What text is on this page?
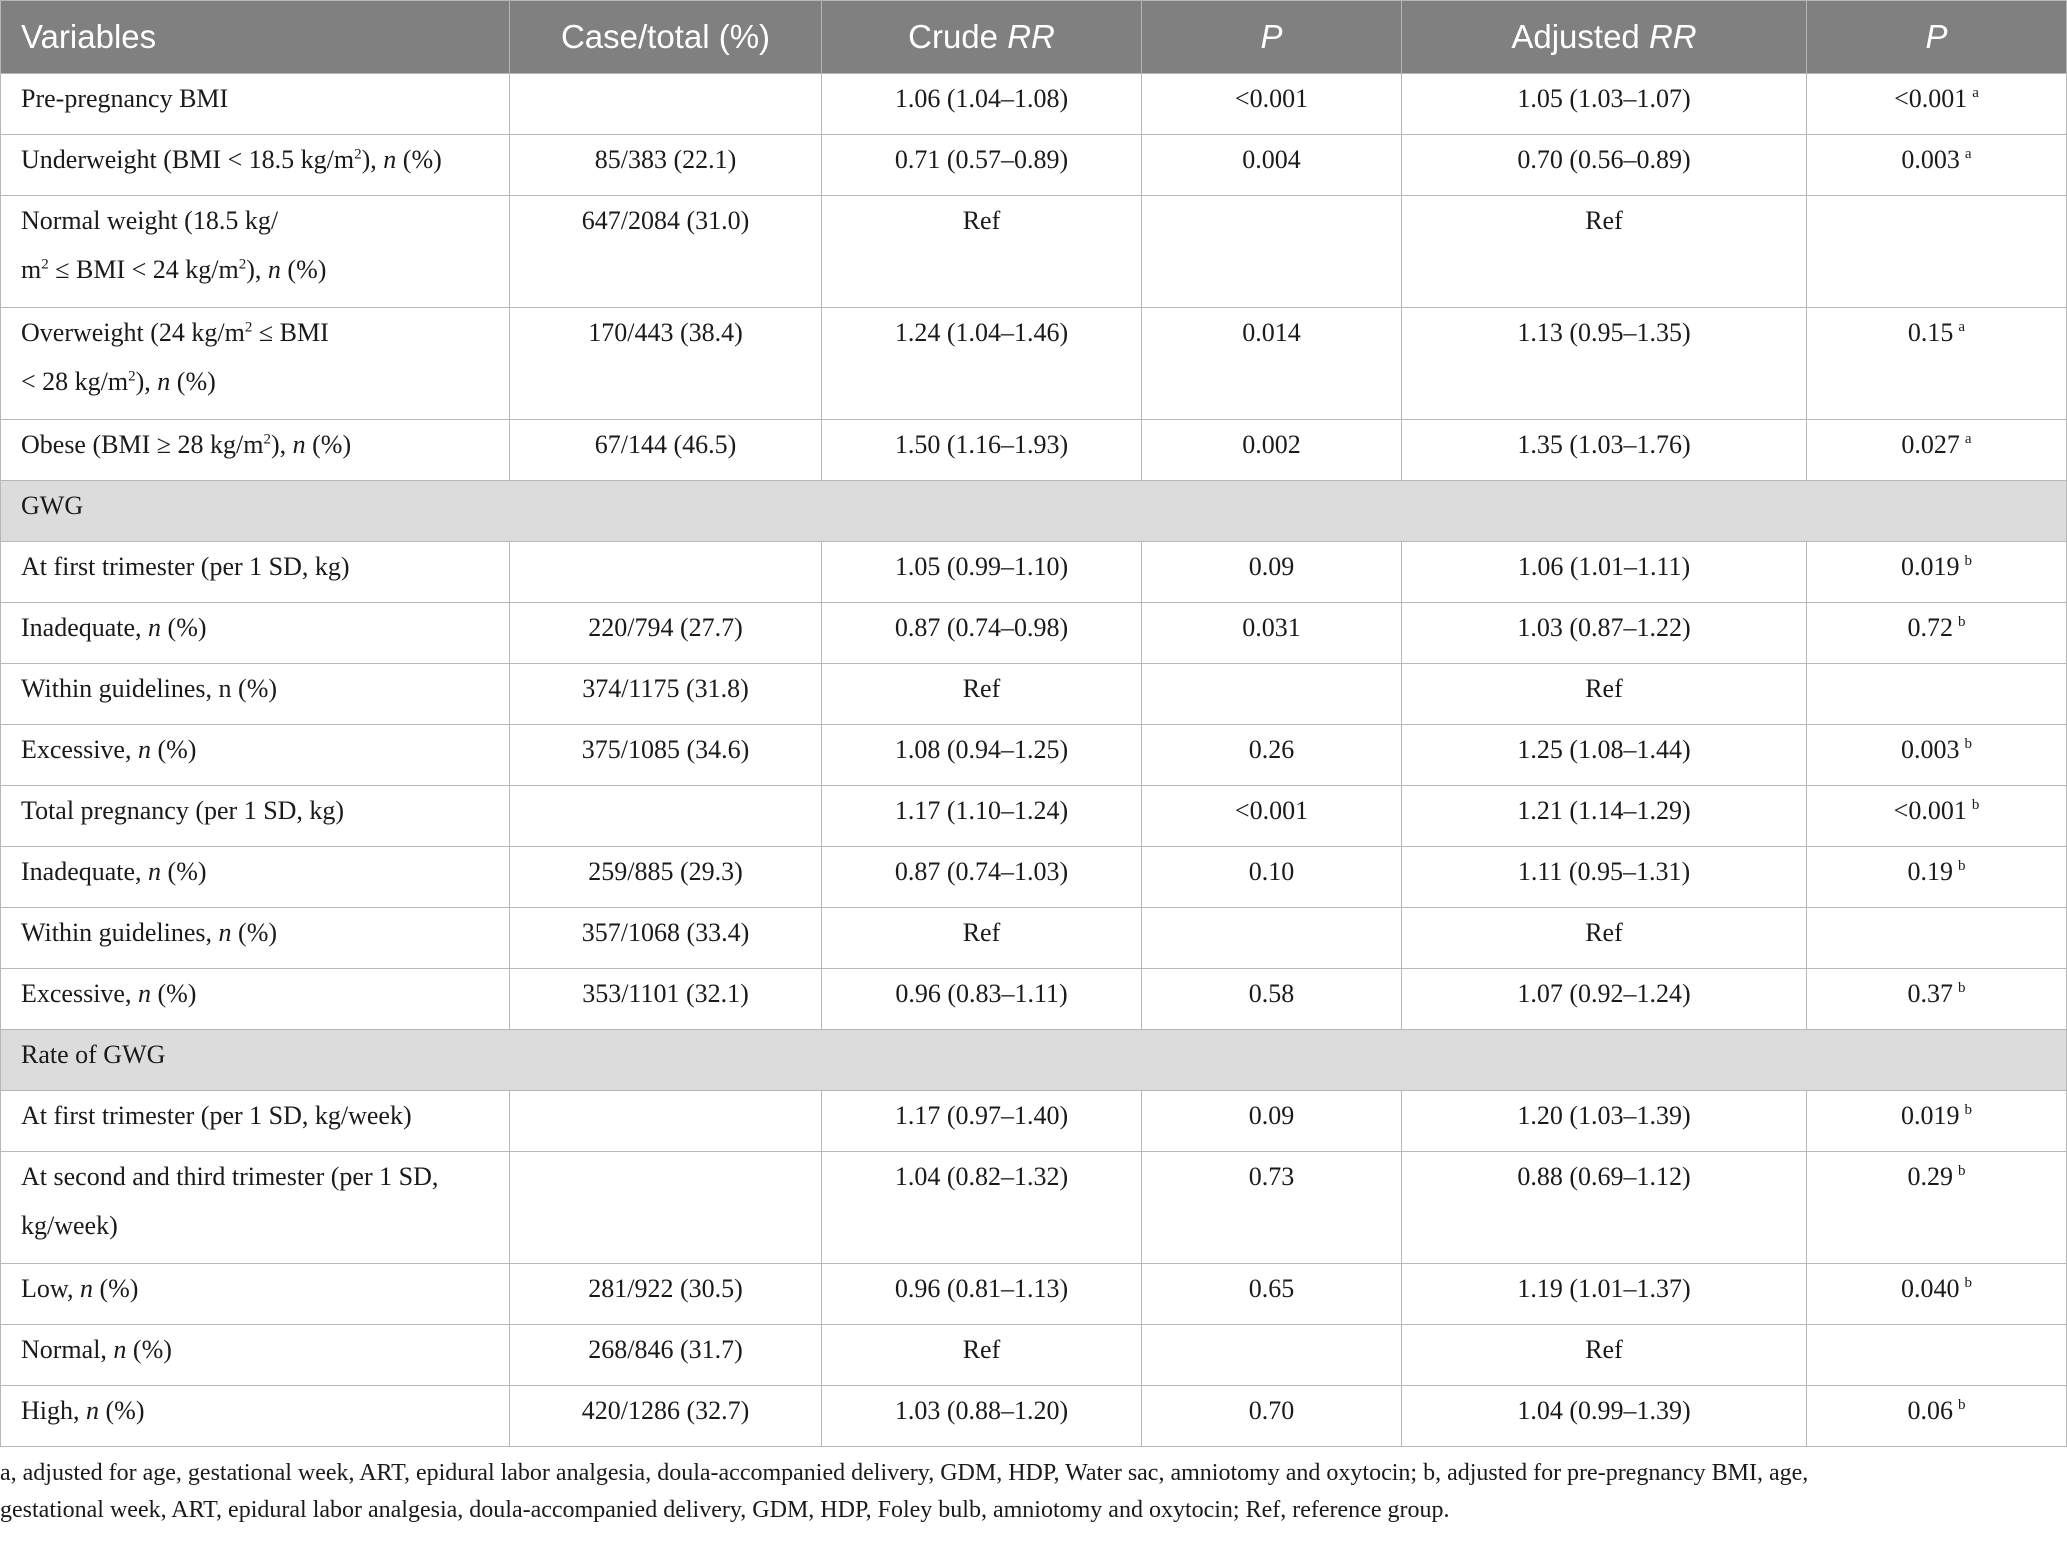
Variables	Case/total (%)	Crude RR	P	Adjusted RR	P

Pre-pregnancy BMI		1.06 (1.04–1.08)	<0.001	1.05 (1.03–1.07)	<0.001 $^a$

Underweight (BMI < 18.5 $kg/m^2$), n (%)	85/383 (22.1)	0.71 (0.57–0.89)	0.004	0.70 (0.56–0.89)	0.003 $^a$

Normal weight (18.5 kg/
$m^2$ ≤ BMI < 24 $kg/m^2$), n (%)	647/2084 (31.0)	Ref		Ref	

Overweight (24 $kg/m^2$ ≤ BMI
< 28 $kg/m^2$), n (%)	170/443 (38.4)	1.24 (1.04–1.46)	0.014	1.13 (0.95–1.35)	0.15 $^a$

Obese (BMI ≥ 28 $kg/m^2$), n (%)	67/144 (46.5)	1.50 (1.16–1.93)	0.002	1.35 (1.03–1.76)	0.027 $^a$
GWG					

At first trimester (per 1 SD, kg)		1.05 (0.99–1.10)	0.09	1.06 (1.01–1.11)	0.019 $^b$

Inadequate, n (%)	220/794 (27.7)	0.87 (0.74–0.98)	0.031	1.03 (0.87–1.22)	0.72 $^b$

Within guidelines, n (%)	374/1175 (31.8)	Ref		Ref	

Excessive, n (%)	375/1085 (34.6)	1.08 (0.94–1.25)	0.26	1.25 (1.08–1.44)	0.003 $^b$

Total pregnancy (per 1 SD, kg)		1.17 (1.10–1.24)	<0.001	1.21 (1.14–1.29)	<0.001 $^b$

Inadequate, n (%)	259/885 (29.3)	0.87 (0.74–1.03)	0.10	1.11 (0.95–1.31)	0.19 $^b$

Within guidelines, n (%)	357/1068 (33.4)	Ref		Ref	

Excessive, n (%)	353/1101 (32.1)	0.96 (0.83–1.11)	0.58	1.07 (0.92–1.24)	0.37 $^b$
Rate of GWG					

At first trimester (per 1 SD, kg/week)		1.17 (0.97–1.40)	0.09	1.20 (1.03–1.39)	0.019 $^b$

At second and third trimester (per 1 SD,
kg/week)		1.04 (0.82–1.32)	0.73	0.88 (0.69–1.12)	0.29 $^b$

Low, n (%)	281/922 (30.5)	0.96 (0.81–1.13)	0.65	1.19 (1.01–1.37)	0.040 $^b$

Normal, n (%)	268/846 (31.7)	Ref		Ref	

High, n (%)	420/1286 (32.7)	1.03 (0.88–1.20)	0.70	1.04 (0.99–1.39)	0.06 $^b$
a, adjusted for age, gestational week, ART, epidural labor analgesia, doula-accompanied delivery, GDM, HDP, Water sac, amniotomy and oxytocin; b, adjusted for pre-pregnancy BMI, age,
gestational week, ART, epidural labor analgesia, doula-accompanied delivery, GDM, HDP, Foley bulb, amniotomy and oxytocin; Ref, reference group.
